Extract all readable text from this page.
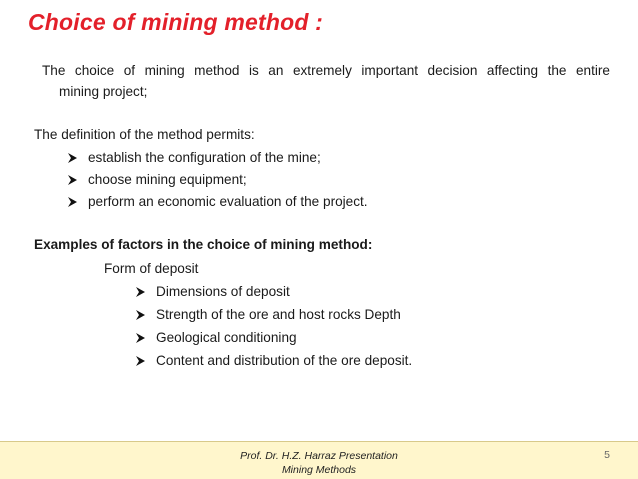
Choice of mining method :
The choice of mining method is an extremely important decision affecting the entire
mining project;
The definition of the method permits:
establish the configuration of the mine;
choose mining equipment;
perform an economic evaluation of the project.
Examples of factors in the choice of mining method:
Form of deposit
Dimensions of deposit
Strength of the ore and host rocks Depth
Geological conditioning
Content and distribution of the ore deposit.
Prof. Dr. H.Z. Harraz Presentation
Mining Methods
5
